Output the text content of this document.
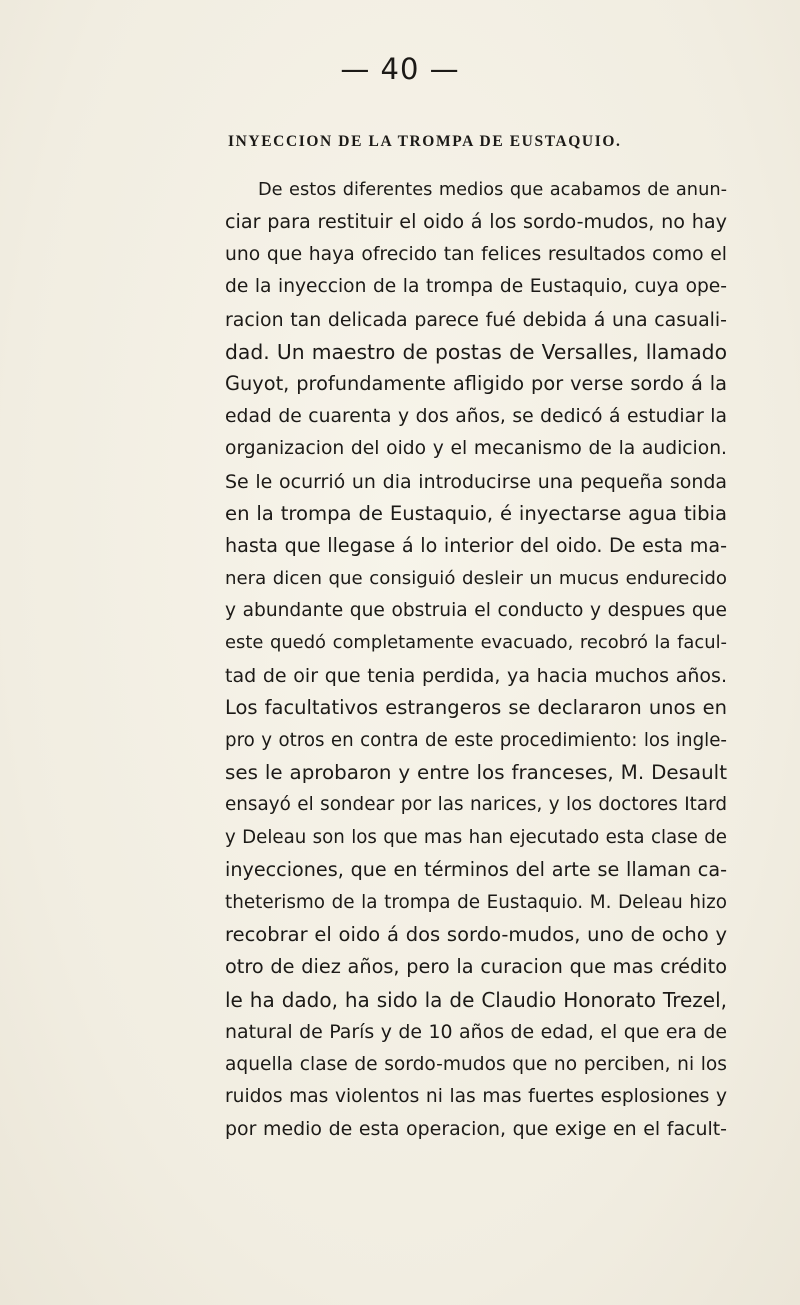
— 40 —
INYECCION DE LA TROMPA DE EUSTAQUIO.
De estos diferentes medios que acabamos de anun-
ciar para restituir el oido á los sordo-mudos, no hay
uno que haya ofrecido tan felices resultados como el
de la inyeccion de la trompa de Eustaquio, cuya ope-
racion tan delicada parece fué debida á una casuali-
dad. Un maestro de postas de Versalles, llamado
Guyot, profundamente afligido por verse sordo á la
edad de cuarenta y dos años, se dedicó á estudiar la
organizacion del oido y el mecanismo de la audicion.
Se le ocurrió un dia introducirse una pequeña sonda
en la trompa de Eustaquio, é inyectarse agua tibia
hasta que llegase á lo interior del oido. De esta ma-
nera dicen que consiguió desleir un mucus endurecido
y abundante que obstruia el conducto y despues que
este quedó completamente evacuado, recobró la facul-
tad de oir que tenia perdida, ya hacia muchos años.
Los facultativos estrangeros se declararon unos en
pro y otros en contra de este procedimiento: los ingle-
ses le aprobaron y entre los franceses, M. Desault
ensayó el sondear por las narices, y los doctores Itard
y Deleau son los que mas han ejecutado esta clase de
inyecciones, que en términos del arte se llaman ca-
theterismo de la trompa de Eustaquio. M. Deleau hizo
recobrar el oido á dos sordo-mudos, uno de ocho y
otro de diez años, pero la curacion que mas crédito
le ha dado, ha sido la de Claudio Honorato Trezel,
natural de París y de 10 años de edad, el que era de
aquella clase de sordo-mudos que no perciben, ni los
ruidos mas violentos ni las mas fuertes esplosiones y
por medio de esta operacion, que exige en el facult-
